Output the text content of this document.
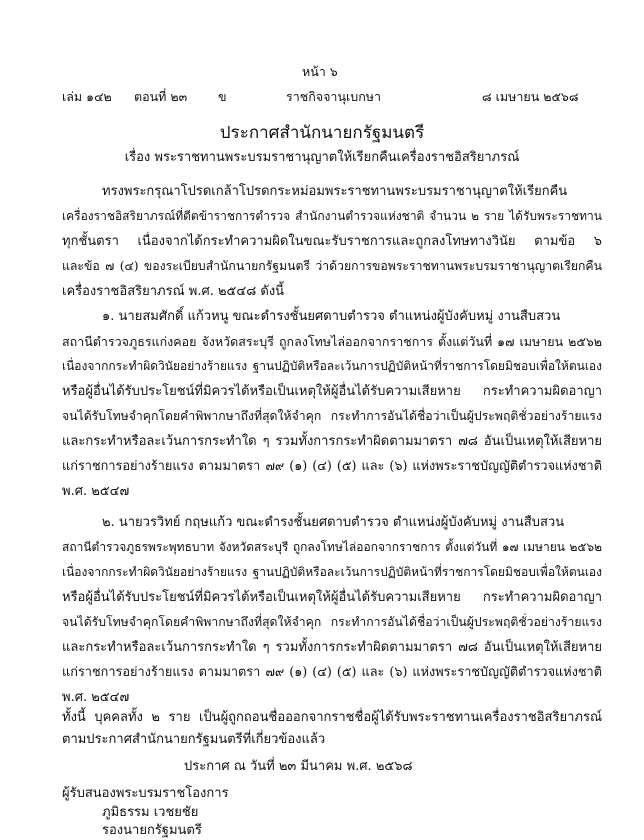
หน้า ๖
เล่ม ๑๔๒ ตอนที่ ๒๓ ข	ราชกิจจานุเบกษา	๘ เมษายน ๒๕๖๘
ประกาศสำนักนายกรัฐมนตรี
เรื่อง พระราชทานพระบรมราชานุญาตให้เรียกคืนเครื่องราชอิสริยาภรณ์
ทรงพระกรุณาโปรดเกล้าโปรดกระหม่อมพระราชทานพระบรมราชานุญาตให้เรียกคืน
เครื่องราชอิสริยาภรณ์ที่ตีตข้าราชการตำรวจ สำนักงานตำรวจแห่งชาติ จำนวน ๒ ราย ได้รับพระราชทาน
ทุกชั้นตรา เนื่องจากได้กระทำความผิดในขณะรับราชการและถูกลงโทษทางวินัย ตามข้อ ๖
และข้อ ๗ (๔) ของระเบียบสำนักนายกรัฐมนตรี ว่าด้วยการขอพระราชทานพระบรมราชานุญาตเรียกคืน
เครื่องราชอิสริยาภรณ์ พ.ศ. ๒๕๔๘ ดังนี้
๑. นายสมศักดิ์ แก้วหนู ขณะดำรงชั้นยศดาบตำรวจ ตำแหน่งผู้บังคับหมู่ งานสืบสวน
สถานีตำรวจภูธรแก่งคอย จังหวัดสระบุรี ถูกลงโทษไล่ออกจากราชการ ตั้งแต่วันที่ ๑๗ เมษายน ๒๕๖๒
เนื่องจากกระทำผิดวินัยอย่างร้ายแรง ฐานปฏิบัติหรือละเว้นการปฏิบัติหน้าที่ราชการโดยมิชอบเพื่อให้ตนเอง
หรือผู้อื่นได้รับประโยชน์ที่มิควรได้หรือเป็นเหตุให้ผู้อื่นได้รับความเสียหาย กระทำความผิดอาญา
จนได้รับโทษจำคุกโดยคำพิพากษาถึงที่สุดให้จำคุก กระทำการอันได้ชื่อว่าเป็นผู้ประพฤติชั่วอย่างร้ายแรง
และกระทำหรือละเว้นการกระทำใด ๆ รวมทั้งการกระทำผิดตามมาตรา ๗๘ อันเป็นเหตุให้เสียหาย
แก่ราชการอย่างร้ายแรง ตามมาตรา ๗๙ (๑) (๔) (๕) และ (๖) แห่งพระราชบัญญัติตำรวจแห่งชาติ
พ.ศ. ๒๕๔๗
๒. นายวรวิทย์ กฤษแก้ว ขณะดำรงชั้นยศดาบตำรวจ ตำแหน่งผู้บังคับหมู่ งานสืบสวน
สถานีตำรวจภูธรพระพุทธบาท จังหวัดสระบุรี ถูกลงโทษไล่ออกจากราชการ ตั้งแต่วันที่ ๑๗ เมษายน ๒๕๖๒
เนื่องจากกระทำผิดวินัยอย่างร้ายแรง ฐานปฏิบัติหรือละเว้นการปฏิบัติหน้าที่ราชการโดยมิชอบเพื่อให้ตนเอง
หรือผู้อื่นได้รับประโยชน์ที่มิควรได้หรือเป็นเหตุให้ผู้อื่นได้รับความเสียหาย กระทำความผิดอาญา
จนได้รับโทษจำคุกโดยคำพิพากษาถึงที่สุดให้จำคุก กระทำการอันได้ชื่อว่าเป็นผู้ประพฤติชั่วอย่างร้ายแรง
และกระทำหรือละเว้นการกระทำใด ๆ รวมทั้งการกระทำผิดตามมาตรา ๗๘ อันเป็นเหตุให้เสียหาย
แก่ราชการอย่างร้ายแรง ตามมาตรา ๗๙ (๑) (๔) (๕) และ (๖) แห่งพระราชบัญญัติตำรวจแห่งชาติ
พ.ศ. ๒๕๔๗
ทั้งนี้ บุคคลทั้ง ๒ ราย เป็นผู้ถูกถอนชื่อออกจากราชชื่อผู้ได้รับพระราชทานเครื่องราชอิสริยาภรณ์
ตามประกาศสำนักนายกรัฐมนตรีที่เกี่ยวข้องแล้ว
ประกาศ ณ วันที่ ๒๓ มีนาคม พ.ศ. ๒๕๖๘
ผู้รับสนองพระบรมราชโองการ
ภูมิธรรม เวชยชัย
รองนายกรัฐมนตรี
